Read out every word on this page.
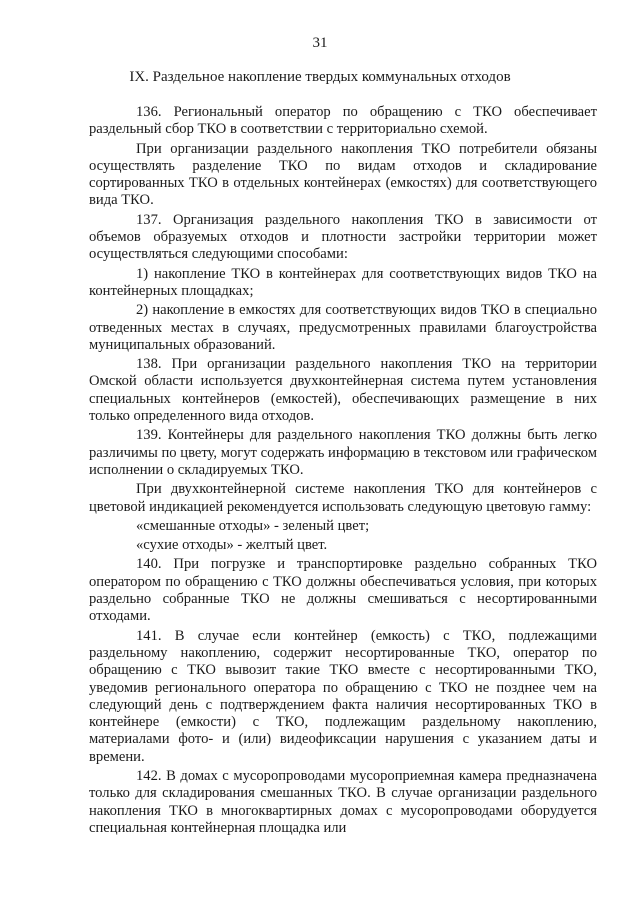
31
IX. Раздельное накопление твердых коммунальных отходов

136. Региональный оператор по обращению с ТКО обеспечивает раздельный сбор ТКО в соответствии с территориально схемой.

При организации раздельного накопления ТКО потребители обязаны осуществлять разделение ТКО по видам отходов и складирование сортированных ТКО в отдельных контейнерах (емкостях) для соответствующего вида ТКО.

137. Организация раздельного накопления ТКО в зависимости от объемов образуемых отходов и плотности застройки территории может осуществляться следующими способами:

1) накопление ТКО в контейнерах для соответствующих видов ТКО на контейнерных площадках;

2) накопление в емкостях для соответствующих видов ТКО в специально отведенных местах в случаях, предусмотренных правилами благоустройства муниципальных образований.

138. При организации раздельного накопления ТКО на территории Омской области используется двухконтейнерная система путем установления специальных контейнеров (емкостей), обеспечивающих размещение в них только определенного вида отходов.

139. Контейнеры для раздельного накопления ТКО должны быть легко различимы по цвету, могут содержать информацию в текстовом или графическом исполнении о складируемых ТКО.

При двухконтейнерной системе накопления ТКО для контейнеров с цветовой индикацией рекомендуется использовать следующую цветовую гамму:

«смешанные отходы» - зеленый цвет;

«сухие отходы» - желтый цвет.

140. При погрузке и транспортировке раздельно собранных ТКО оператором по обращению с ТКО должны обеспечиваться условия, при которых раздельно собранные ТКО не должны смешиваться с несортированными отходами.

141. В случае если контейнер (емкость) с ТКО, подлежащими раздельному накоплению, содержит несортированные ТКО, оператор по обращению с ТКО вывозит такие ТКО вместе с несортированными ТКО, уведомив регионального оператора по обращению с ТКО не позднее чем на следующий день с подтверждением факта наличия несортированных ТКО в контейнере (емкости) с ТКО, подлежащим раздельному накоплению, материалами фото- и (или) видеофиксации нарушения с указанием даты и времени.

142. В домах с мусоропроводами мусороприемная камера предназначена только для складирования смешанных ТКО. В случае организации раздельного накопления ТКО в многоквартирных домах с мусоропроводами оборудуется специальная контейнерная площадка или
